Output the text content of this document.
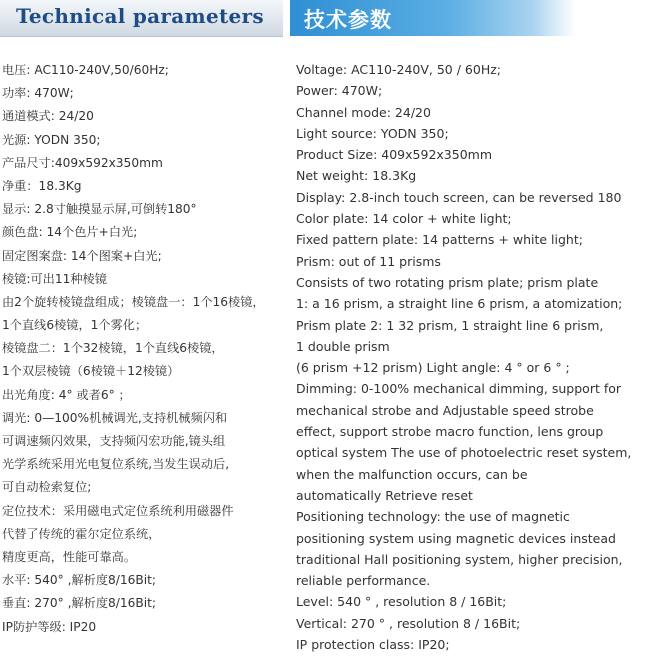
Technical parameters 技术参数
电压: AC110-240V,50/60Hz;
功率: 470W;
通道模式: 24/20
光源: YODN 350;
产品尺寸:409x592x350mm
净重：18.3Kg
显示: 2.8寸触摸显示屏,可倒转180°
颜色盘: 14个色片+白光;
固定图案盘: 14个图案+白光;
棱镜:可出11种棱镜
由2个旋转棱镜盘组成；棱镜盘一：1个16棱镜，
1个直线6棱镜，1个雾化；
棱镜盘二：1个32棱镜，1个直线6棱镜，
1个双层棱镜（6棱镜＋12棱镜）
出光角度: 4° 或者6° ；
调光: 0—100%机械调光,支持机械频闪和
可调速频闪效果，支持频闪宏功能,镜头组
光学系统采用光电复位系统,当发生误动后,
可自动检索复位;
定位技术：采用磁电式定位系统利用磁器件
代替了传统的霍尔定位系统，
精度更高，性能可靠高。
水平: 540° ,解析度8/16Bit;
垂直: 270° ,解析度8/16Bit;
IP防护等级: IP20
Voltage: AC110-240V, 50 / 60Hz;
Power: 470W;
Channel mode: 24/20
Light source: YODN 350;
Product Size: 409x592x350mm
Net weight: 18.3Kg
Display: 2.8-inch touch screen, can be reversed 180
Color plate: 14 color + white light;
Fixed pattern plate: 14 patterns + white light;
Prism: out of 11 prisms
Consists of two rotating prism plate; prism plate
1: a 16 prism, a straight line 6 prism, a atomization;
Prism plate 2: 1 32 prism, 1 straight line 6 prism,
1 double prism
(6 prism +12 prism) Light angle: 4 ° or 6 ° ;
Dimming: 0-100% mechanical dimming, support for
mechanical strobe and Adjustable speed strobe
effect, support strobe macro function, lens group
optical system The use of photoelectric reset system,
when the malfunction occurs, can be
automatically Retrieve reset
Positioning technology: the use of magnetic
positioning system using magnetic devices instead
traditional Hall positioning system, higher precision,
reliable performance.
Level: 540 ° , resolution 8 / 16Bit;
Vertical: 270 ° , resolution 8 / 16Bit;
IP protection class: IP20;
